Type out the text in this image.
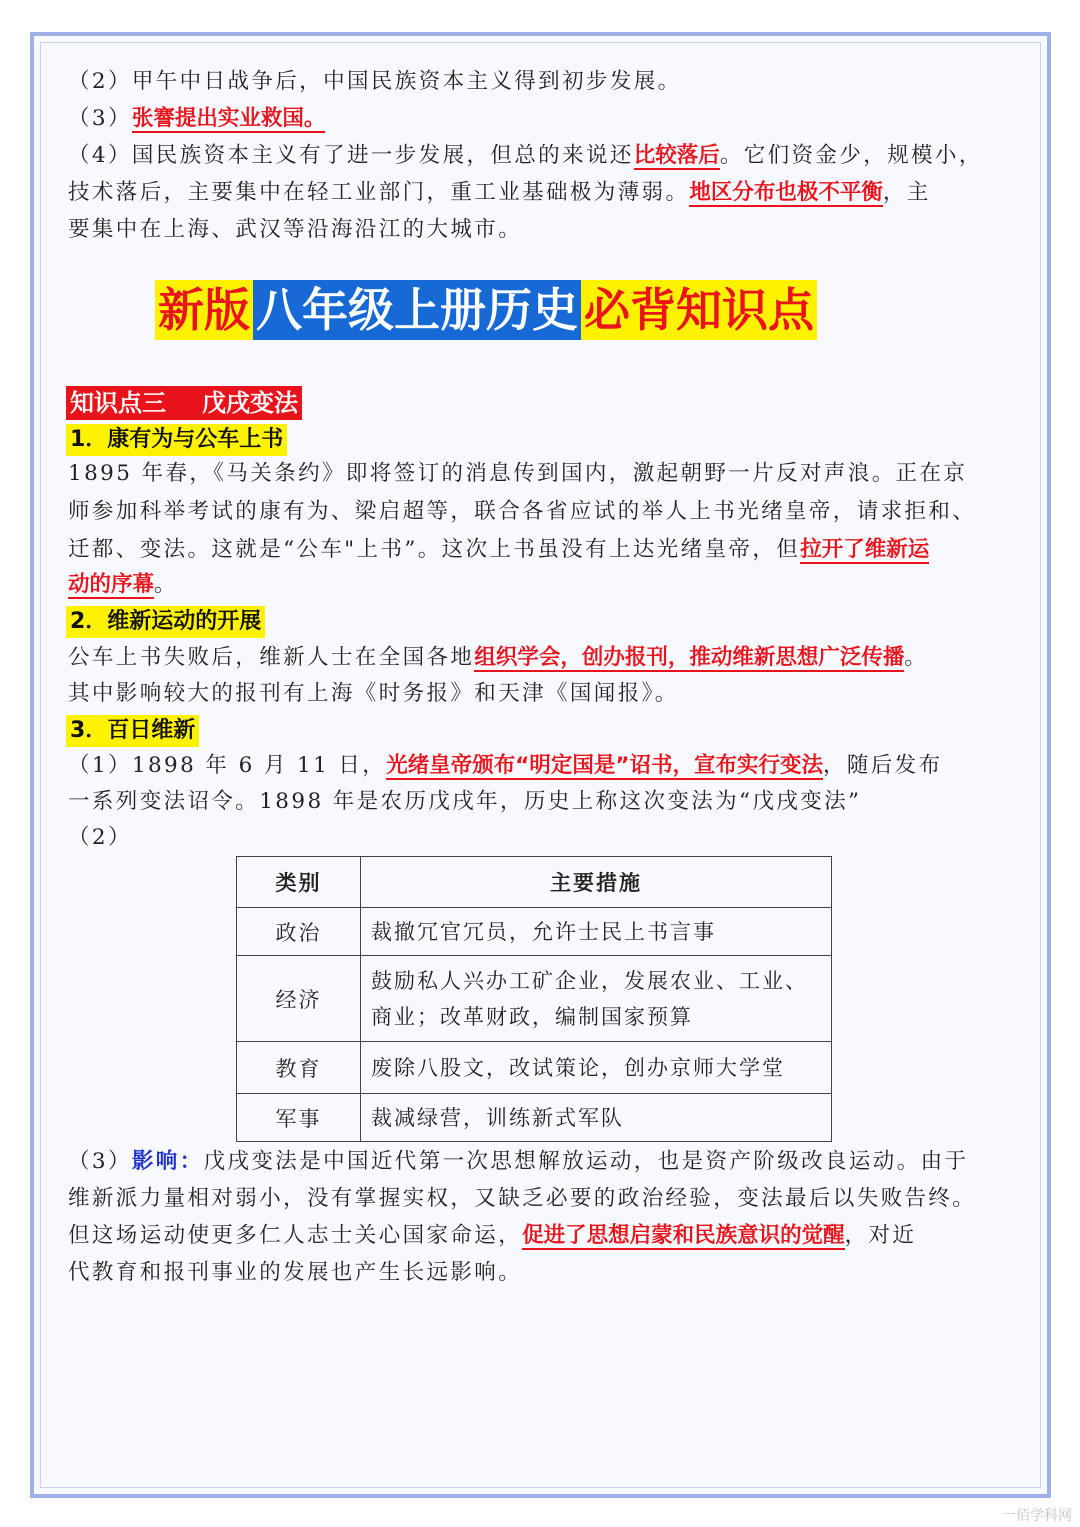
（2）甲午中日战争后，中国民族资本主义得到初步发展。
（3）张謇提出实业救国。
（4）国民族资本主义有了进一步发展，但总的来说还比较落后。它们资金少，规模小，
技术落后，主要集中在轻工业部门，重工业基础极为薄弱。地区分布也极不平衡，主
要集中在上海、武汉等沿海沿江的大城市。
新版 八年级上册历史 必背知识点
知识点三 戊戌变法
1．康有为与公车上书
1895 年春，《马关条约》即将签订的消息传到国内，激起朝野一片反对声浪。正在京
师参加科举考试的康有为、梁启超等，联合各省应试的举人上书光绪皇帝，请求拒和、
迁都、变法。这就是“公车"上书”。这次上书虽没有上达光绪皇帝，但拉开了维新运
动的序幕。
2．维新运动的开展
公车上书失败后，维新人士在全国各地组织学会，创办报刊，推动维新思想广泛传播。
其中影响较大的报刊有上海《时务报》和天津《国闻报》。
3．百日维新
（1）1898 年 6 月 11 日，光绪皇帝颁布“明定国是”诏书，宣布实行变法，随后发布
一系列变法诏令。1898 年是农历戊戌年，历史上称这次变法为“戊戌变法”
（2）
类别	主要措施
政治	裁撤冗官冗员，允许士民上书言事

经济	鼓励私人兴办工矿企业，发展农业、工业、
商业；改革财政，编制国家预算

教育	废除八股文，改试策论，创办京师大学堂

军事	裁减绿营，训练新式军队
（3）影响：戊戌变法是中国近代第一次思想解放运动，也是资产阶级改良运动。由于
维新派力量相对弱小，没有掌握实权，又缺乏必要的政治经验，变法最后以失败告终。
但这场运动使更多仁人志士关心国家命运，促进了思想启蒙和民族意识的觉醒，对近
代教育和报刊事业的发展也产生长远影响。
一佰学科网
